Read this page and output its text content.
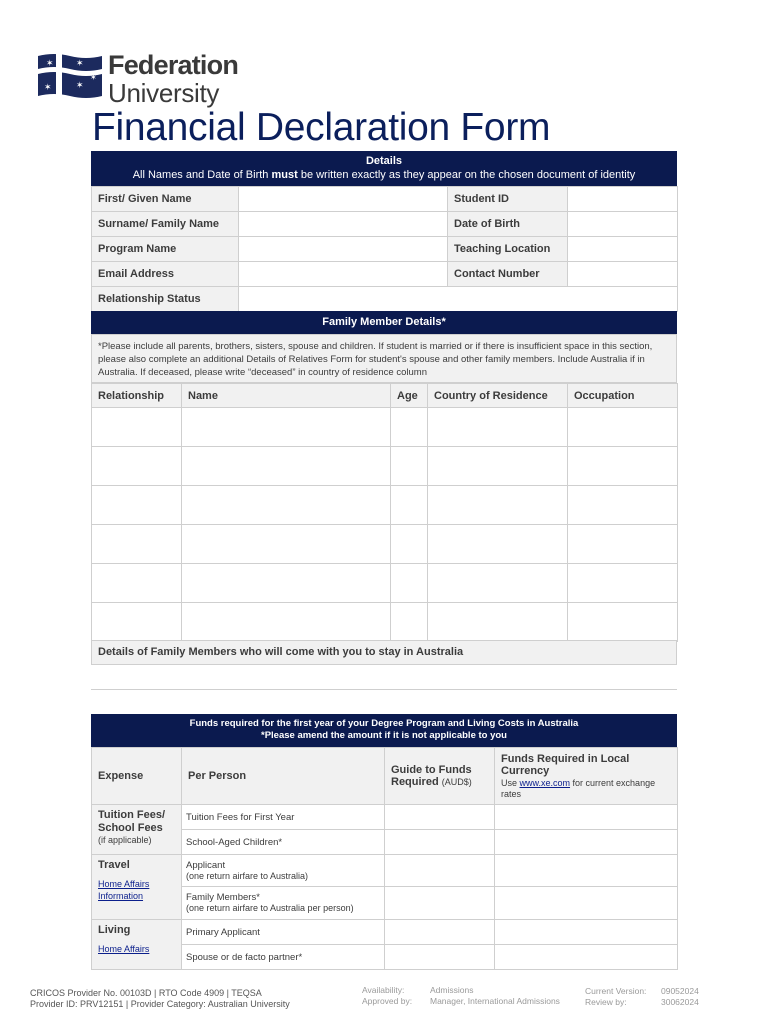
✶ ✶
✶
✶
✶ Federation
University
Financial Declaration Form
Details
All Names and Date of Birth must be written exactly as they appear on the chosen document of identity
First/ Given Name		Student ID	
Surname/ Family Name		Date of Birth	
Program Name		Teaching Location	
Email Address		Contact Number	
Relationship Status			
Family Member Details*
*Please include all parents, brothers, sisters, spouse and children. If student is married or if there is insufficient space in this section, please also complete an additional Details of Relatives Form for student's spouse and other family members. Include Australia if in Australia. If deceased, please write “deceased” in country of residence column
Relationship	Name	Age	Country of Residence	Occupation

Details of Family Members who will come with you to stay in Australia
Funds required for the first year of your Degree Program and Living Costs in Australia
*Please amend the amount if it is not applicable to you
Expense	Per Person	Guide to Funds Required (AUD$)	Funds Required in Local Currency
Use www.xe.com for current exchange rates

Tuition Fees/ School Fees
(if applicable)	Tuition Fees for First Year		
	School-Aged Children*		

Travel
Home Affairs Information	Applicant
(one return airfare to Australia)		

	Family Members*
(one return airfare to Australia per person)		

Living
Home Affairs	Primary Applicant		
	Spouse or de facto partner*		
CRICOS Provider No. 00103D | RTO Code 4909 | TEQSA
Provider ID: PRV12151 | Provider Category: Australian University
Availability:	Admissions
Approved by: Manager, International Admissions
Current Version: 09052024
Review by:	30062024
